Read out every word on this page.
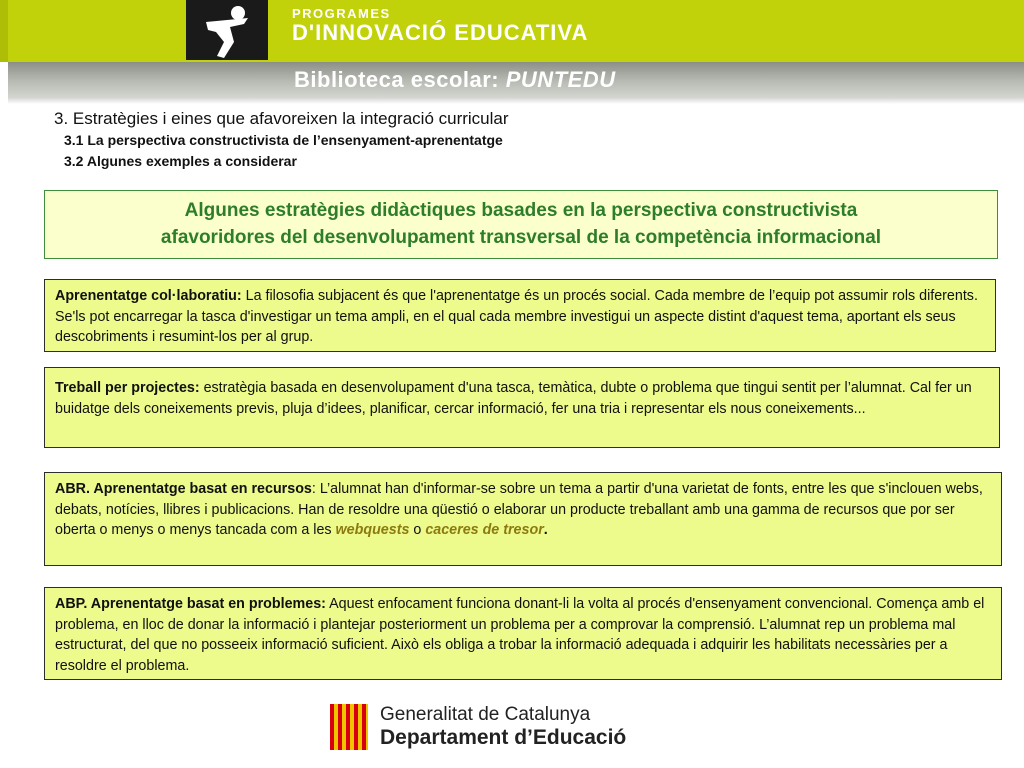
PROGRAMES
D'INNOVACIÓ EDUCATIVA
Biblioteca escolar: PUNTEDU

3. Estratègies i eines que afavoreixen la integració curricular

3.1 La perspectiva constructivista de l’ensenyament-aprenentatge

3.2 Algunes exemples a considerar

Algunes estratègies didàctiques basades en la perspectiva constructivista
afavoridores del desenvolupament transversal de la competència informacional
Aprenentatge col·laboratiu: La filosofia subjacent és que l'aprenentatge és un procés social. Cada membre de l’equip pot assumir rols diferents. Se'ls pot encarregar la tasca d'investigar un tema ampli, en el qual cada membre investigui un aspecte distint d'aquest tema, aportant els seus descobriments i resumint-los per al grup.
Treball per projectes: estratègia basada en desenvolupament d'una tasca, temàtica, dubte o problema que tingui sentit per l’alumnat. Cal fer un buidatge dels coneixements previs, pluja d’idees, planificar, cercar informació, fer una tria i representar els nous coneixements...
ABR. Aprenentatge basat en recursos: L’alumnat han d'informar-se sobre un tema a partir d'una varietat de fonts, entre les que s'inclouen webs, debats, notícies, llibres i publicacions. Han de resoldre una qüestió o elaborar un producte treballant amb una gamma de recursos que por ser oberta o menys o menys tancada com a les webquests o caceres de tresor.
ABP. Aprenentatge basat en problemes: Aquest enfocament funciona donant-li la volta al procés d'ensenyament convencional. Comença amb el problema, en lloc de donar la informació i plantejar posteriorment un problema per a comprovar la comprensió. L’alumnat rep un problema mal estructurat, del que no posseeix informació suficient. Això els obliga a trobar la informació adequada i adquirir les habilitats necessàries per a resoldre el problema.
Generalitat de Catalunya
Departament d’Educació
